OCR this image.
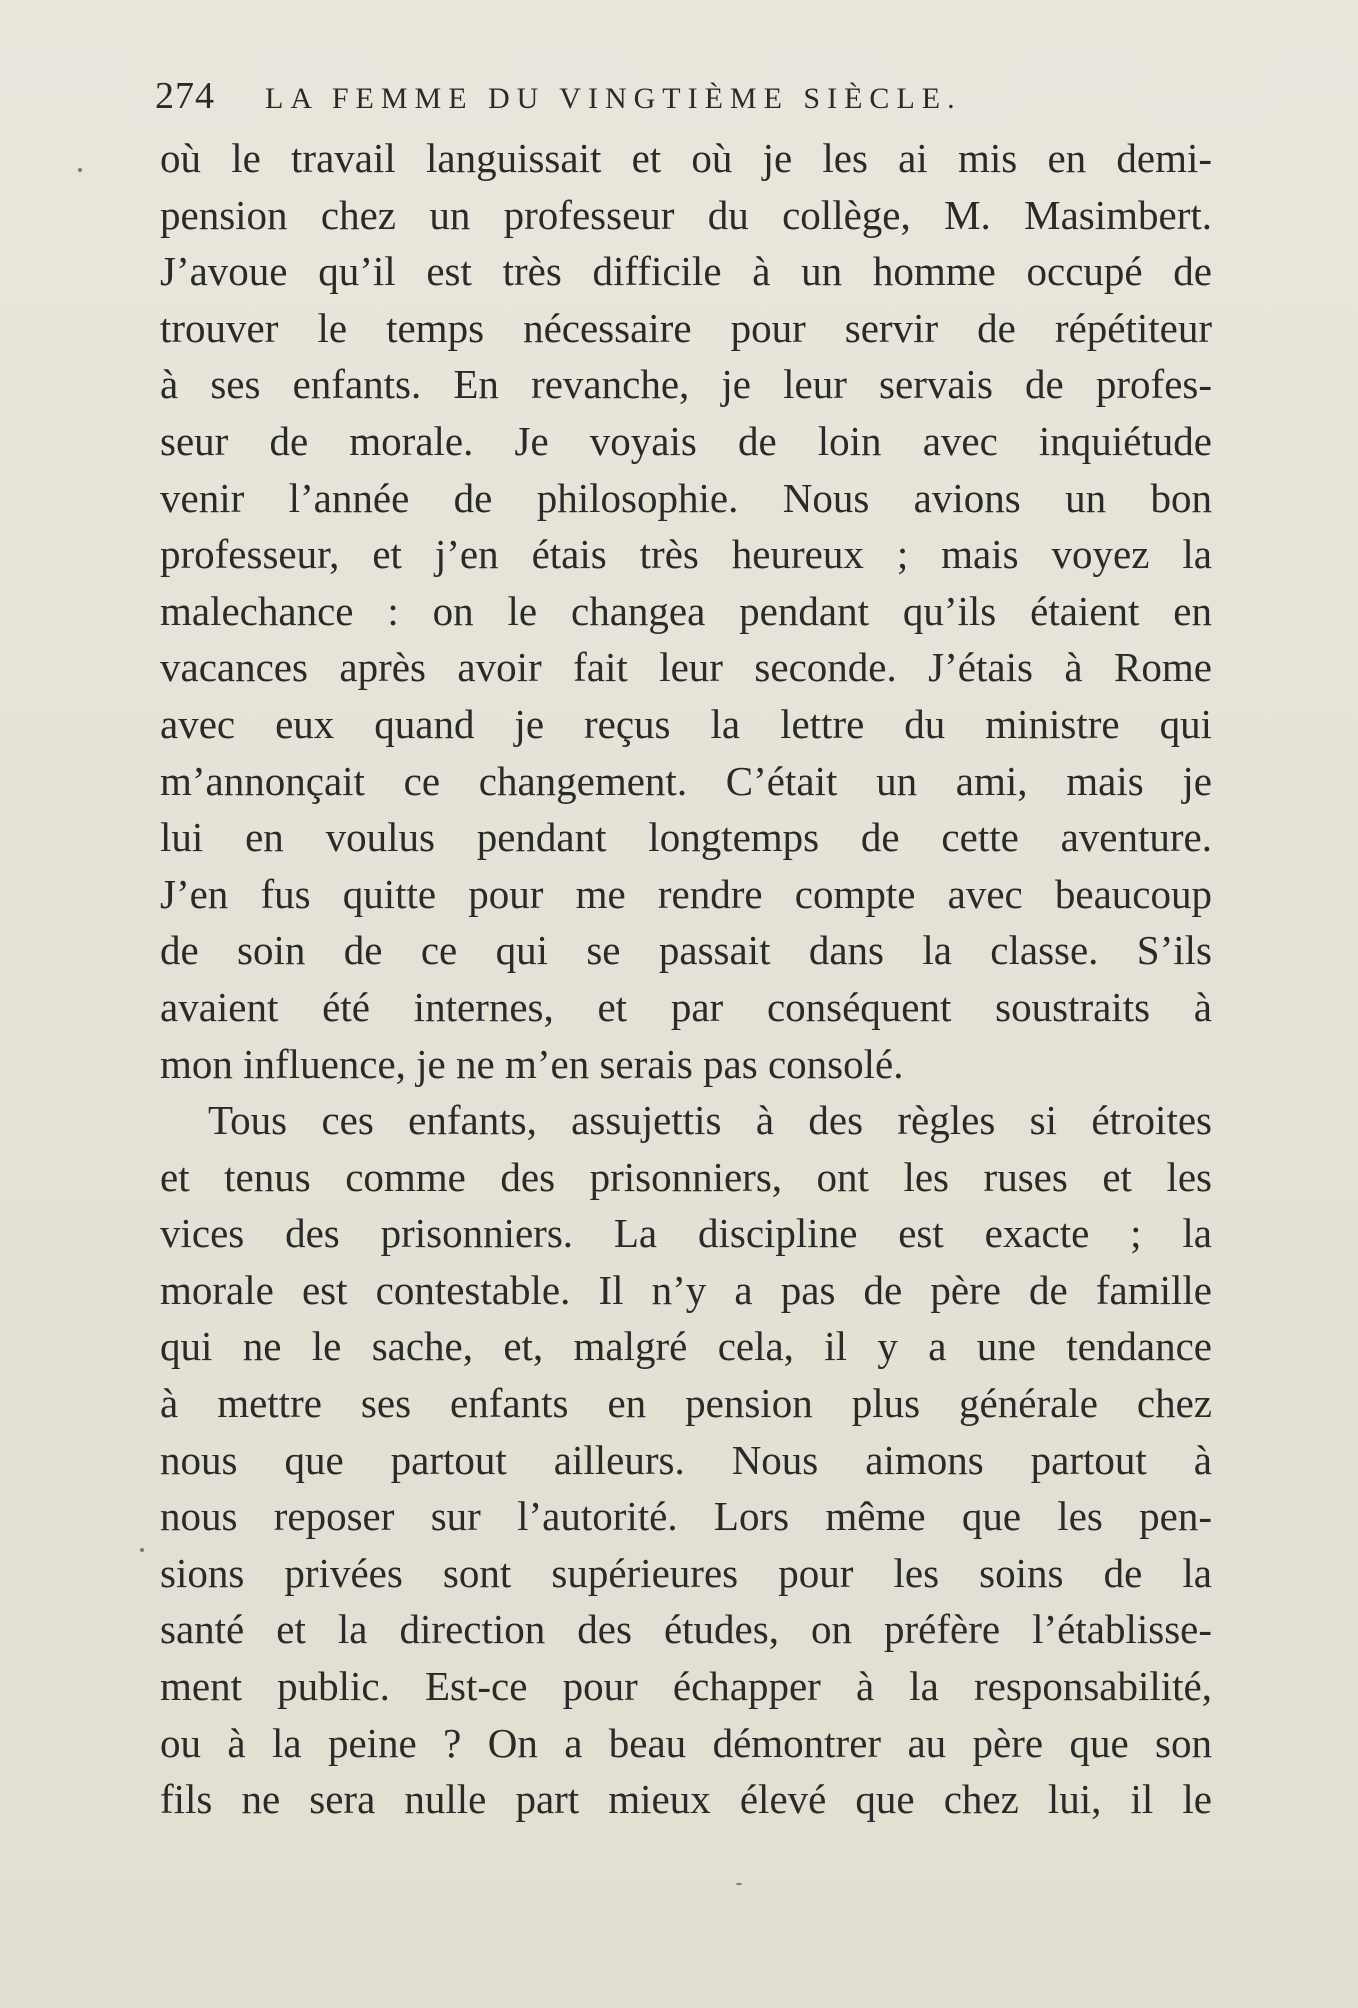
274 LA FEMME DU VINGTIÈME SIÈCLE.
où le travail languissait et où je les ai mis en demi-
pension chez un professeur du collège, M. Masimbert.
J’avoue qu’il est très difficile à un homme occupé de
trouver le temps nécessaire pour servir de répétiteur
à ses enfants. En revanche, je leur servais de profes-
seur de morale. Je voyais de loin avec inquiétude
venir l’année de philosophie. Nous avions un bon
professeur, et j’en étais très heureux ; mais voyez la
malechance : on le changea pendant qu’ils étaient en
vacances après avoir fait leur seconde. J’étais à Rome
avec eux quand je reçus la lettre du ministre qui
m’annonçait ce changement. C’était un ami, mais je
lui en voulus pendant longtemps de cette aventure.
J’en fus quitte pour me rendre compte avec beaucoup
de soin de ce qui se passait dans la classe. S’ils
avaient été internes, et par conséquent soustraits à
mon influence, je ne m’en serais pas consolé.
Tous ces enfants, assujettis à des règles si étroites
et tenus comme des prisonniers, ont les ruses et les
vices des prisonniers. La discipline est exacte ; la
morale est contestable. Il n’y a pas de père de famille
qui ne le sache, et, malgré cela, il y a une tendance
à mettre ses enfants en pension plus générale chez
nous que partout ailleurs. Nous aimons partout à
nous reposer sur l’autorité. Lors même que les pen-
sions privées sont supérieures pour les soins de la
santé et la direction des études, on préfère l’établisse-
ment public. Est-ce pour échapper à la responsabilité,
ou à la peine ? On a beau démontrer au père que son
fils ne sera nulle part mieux élevé que chez lui, il le
